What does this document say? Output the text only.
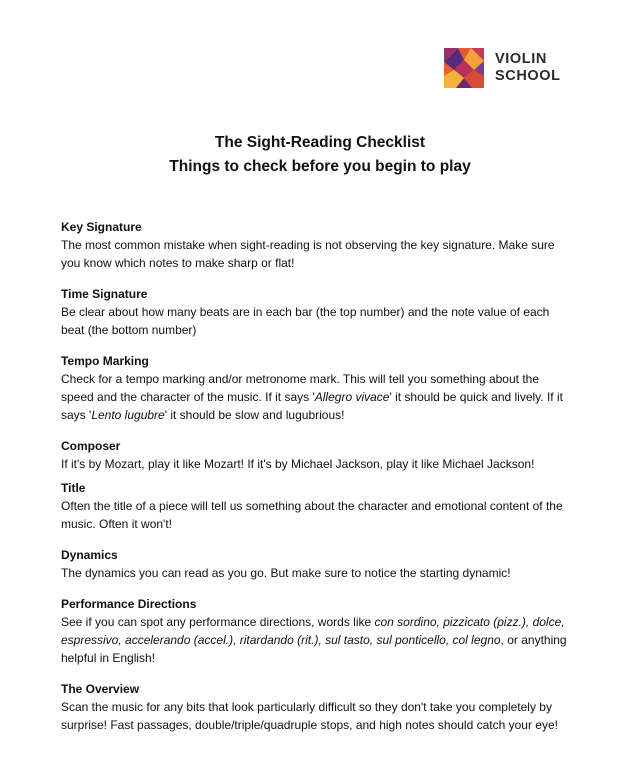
VIOLIN
SCHOOL
The Sight-Reading Checklist
Things to check before you begin to play
Key Signature

The most common mistake when sight-reading is not observing the key signature. Make sure you know which notes to make sharp or flat!

Time Signature

Be clear about how many beats are in each bar (the top number) and the note value of each beat (the bottom number)

Tempo Marking

Check for a tempo marking and/or metronome mark. This will tell you something about the speed and the character of the music. If it says 'Allegro vivace' it should be quick and lively. If it says 'Lento lugubre' it should be slow and lugubrious!

Composer

If it's by Mozart, play it like Mozart! If it's by Michael Jackson, play it like Michael Jackson!

Title

Often the title of a piece will tell us something about the character and emotional content of the music. Often it won't!

Dynamics

The dynamics you can read as you go. But make sure to notice the starting dynamic!

Performance Directions

See if you can spot any performance directions, words like con sordino, pizzicato (pizz.), dolce, espressivo, accelerando (accel.), ritardando (rit.), sul tasto, sul ponticello, col legno, or anything helpful in English!

The Overview

Scan the music for any bits that look particularly difficult so they don't take you completely by surprise! Fast passages, double/triple/quadruple stops, and high notes should catch your eye!
